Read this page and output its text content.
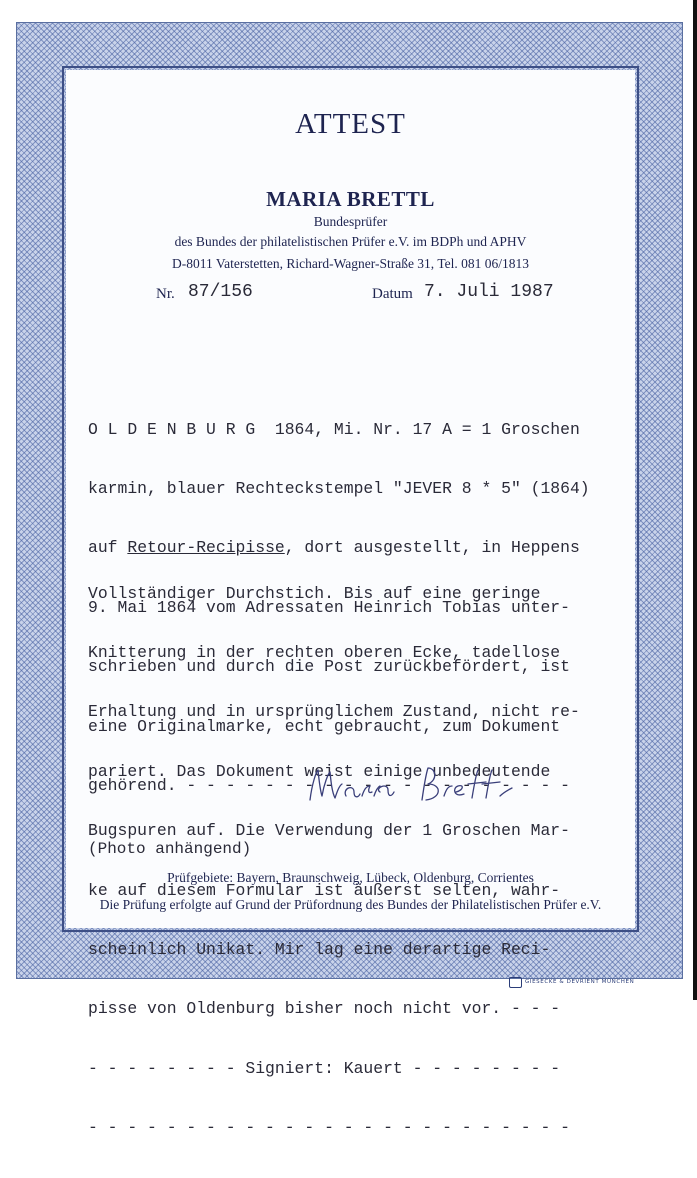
ATTEST
MARIA BRETTL
Bundesprüfer
des Bundes der philatelistischen Prüfer e.V. im BDPh und APHV
D-8011 Vaterstetten, Richard-Wagner-Straße 31, Tel. 081 06/1813
Nr. 87/156	Datum 7. Juli 1987

O L D E N B U R G  1864, Mi. Nr. 17 A = 1 Groschen

karmin, blauer Rechteckstempel "JEVER 8 * 5" (1864)

auf Retour-Recipisse, dort ausgestellt, in Heppens

9. Mai 1864 vom Adressaten Heinrich Tobias unter-

schrieben und durch die Post zurückbefördert, ist

eine Originalmarke, echt gebraucht, zum Dokument

gehörend. - - - - - - - - - - - - - - - - - - - -

Vollständiger Durchstich. Bis auf eine geringe

Knitterung in der rechten oberen Ecke, tadellose

Erhaltung und in ursprünglichem Zustand, nicht re-

pariert. Das Dokument weist einige unbedeutende

Bugspuren auf. Die Verwendung der 1 Groschen Mar-

ke auf diesem Formular ist äußerst selten, wahr-

scheinlich Unikat. Mir lag eine derartige Reci-

pisse von Oldenburg bisher noch nicht vor. - - -

- - - - - - - - Signiert: Kauert - - - - - - - -

- - - - - - - - - - - - - - - - - - - - - - - - -

(Photo anhängend)
Prüfgebiete: Bayern, Braunschweig, Lübeck, Oldenburg, Corrientes
Die Prüfung erfolgte auf Grund der Prüfordnung des Bundes der Philatelistischen Prüfer e.V.
GIESECKE & DEVRIENT MÜNCHEN
